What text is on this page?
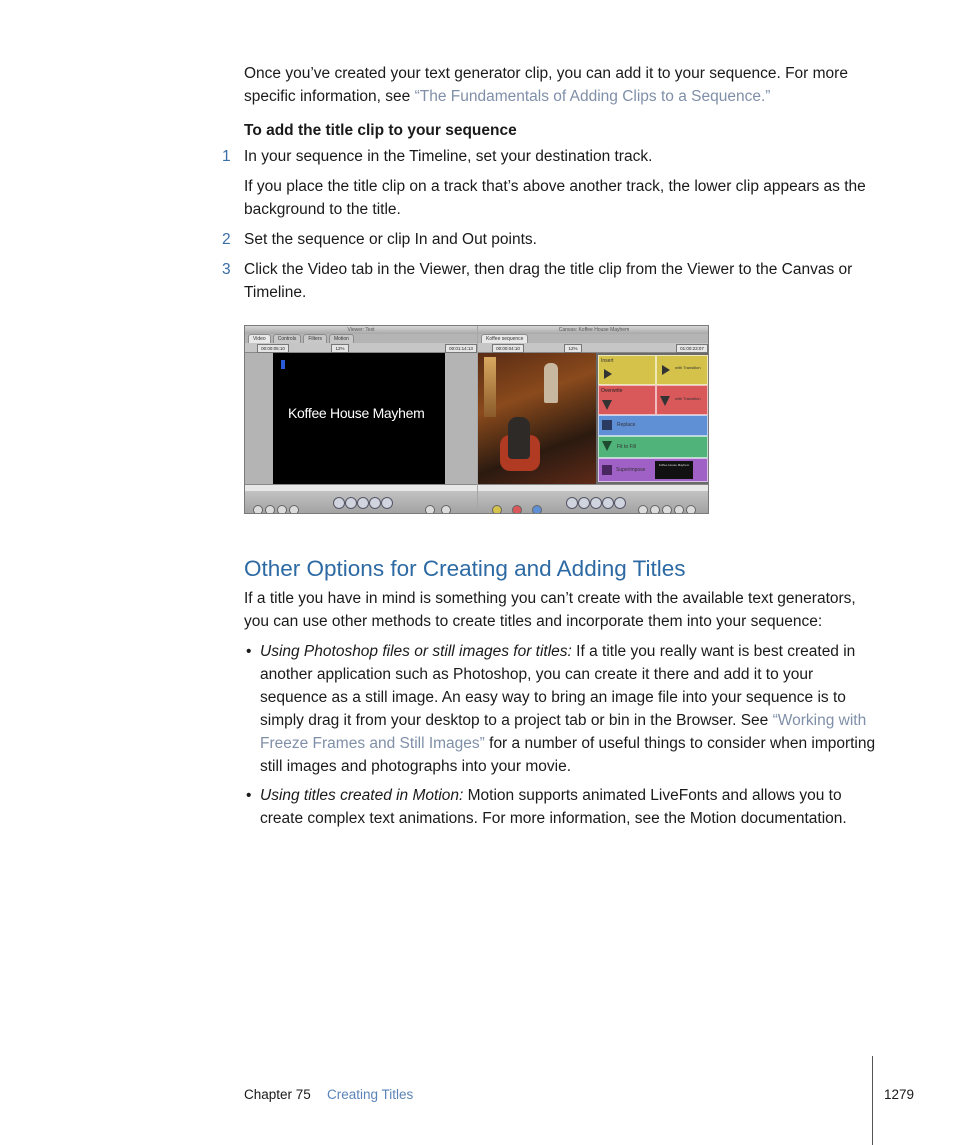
Once you’ve created your text generator clip, you can add it to your sequence. For more specific information, see “The Fundamentals of Adding Clips to a Sequence.”

To add the title clip to your sequence

1 In your sequence in the Timeline, set your destination track.
If you place the title clip on a track that’s above another track, the lower clip appears as the background to the title.
2 Set the sequence or clip In and Out points.
3 Click the Video tab in the Viewer, then drag the title clip from the Viewer to the Canvas or Timeline.
Viewer: Text
Video	Controls	Filters	Motion
00:00:05:10	12%	00:01:14:13
Koffee House Mayhem
Canvas: Koffee House Mayhem
Koffee sequence
00:00:04:10	12%	01:00:23:07
Insert
with Transition
Overwrite
with Transition
Replace
Fit to Fill
Superimpose
Koffee House Mayhem
Other Options for Creating and Adding Titles

If a title you have in mind is something you can’t create with the available text generators, you can use other methods to create titles and incorporate them into your sequence:

• Using Photoshop files or still images for titles: If a title you really want is best created in another application such as Photoshop, you can create it there and add it to your sequence as a still image. An easy way to bring an image file into your sequence is to simply drag it from your desktop to a project tab or bin in the Browser. See “Working with Freeze Frames and Still Images” for a number of useful things to consider when importing still images and photographs into your movie.
• Using titles created in Motion: Motion supports animated LiveFonts and allows you to create complex text animations. For more information, see the Motion documentation.
Chapter 75 Creating Titles	1279
